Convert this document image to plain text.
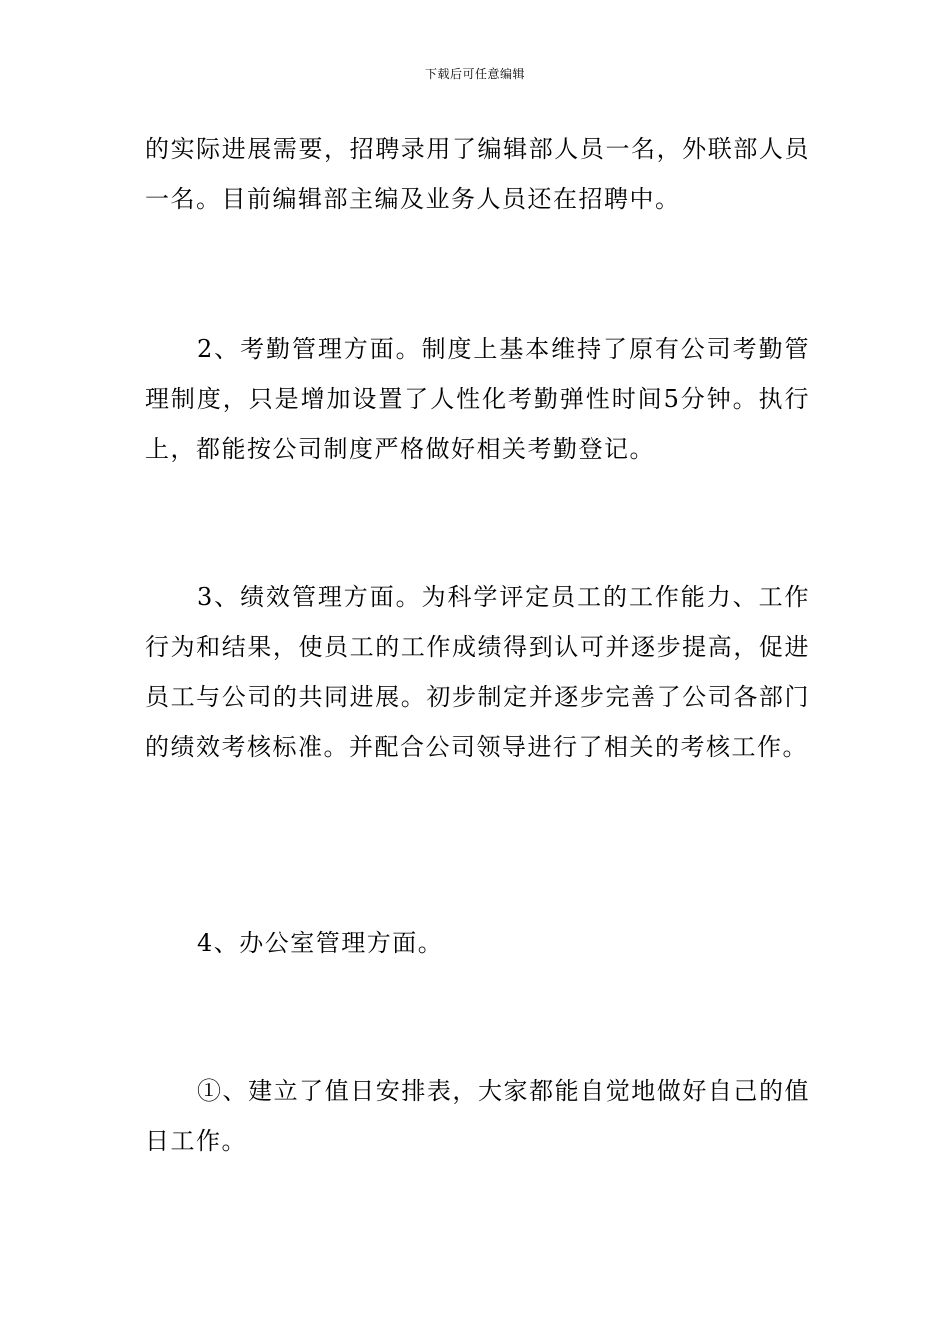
下载后可任意编辑

的实际进展需要，招聘录用了编辑部人员一名，外联部人员一名。目前编辑部主编及业务人员还在招聘中。

2、考勤管理方面。制度上基本维持了原有公司考勤管理制度，只是增加设置了人性化考勤弹性时间5分钟。执行上，都能按公司制度严格做好相关考勤登记。

3、绩效管理方面。为科学评定员工的工作能力、工作行为和结果，使员工的工作成绩得到认可并逐步提高，促进员工与公司的共同进展。初步制定并逐步完善了公司各部门的绩效考核标准。并配合公司领导进行了相关的考核工作。

4、办公室管理方面。

①、建立了值日安排表，大家都能自觉地做好自己的值日工作。
